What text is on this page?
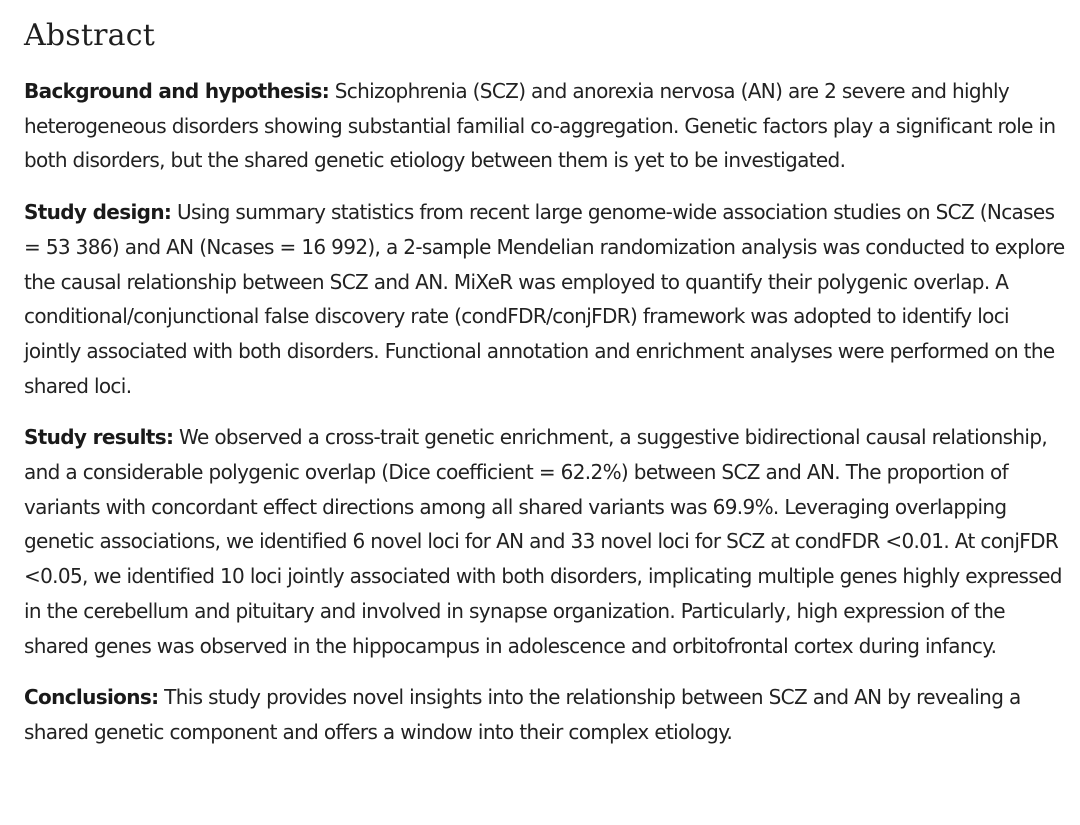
Abstract

Background and hypothesis: Schizophrenia (SCZ) and anorexia nervosa (AN) are 2 severe and highly heterogeneous disorders showing substantial familial co-aggregation. Genetic factors play a significant role in both disorders, but the shared genetic etiology between them is yet to be investigated.

Study design: Using summary statistics from recent large genome-wide association studies on SCZ (Ncases = 53 386) and AN (Ncases = 16 992), a 2-sample Mendelian randomization analysis was conducted to explore the causal relationship between SCZ and AN. MiXeR was employed to quantify their polygenic overlap. A conditional/conjunctional false discovery rate (condFDR/conjFDR) framework was adopted to identify loci jointly associated with both disorders. Functional annotation and enrichment analyses were performed on the shared loci.

Study results: We observed a cross-trait genetic enrichment, a suggestive bidirectional causal relationship, and a considerable polygenic overlap (Dice coefficient = 62.2%) between SCZ and AN. The proportion of variants with concordant effect directions among all shared variants was 69.9%. Leveraging overlapping genetic associations, we identified 6 novel loci for AN and 33 novel loci for SCZ at condFDR <0.01. At conjFDR <0.05, we identified 10 loci jointly associated with both disorders, implicating multiple genes highly expressed in the cerebellum and pituitary and involved in synapse organization. Particularly, high expression of the shared genes was observed in the hippocampus in adolescence and orbitofrontal cortex during infancy.

Conclusions: This study provides novel insights into the relationship between SCZ and AN by revealing a shared genetic component and offers a window into their complex etiology.
